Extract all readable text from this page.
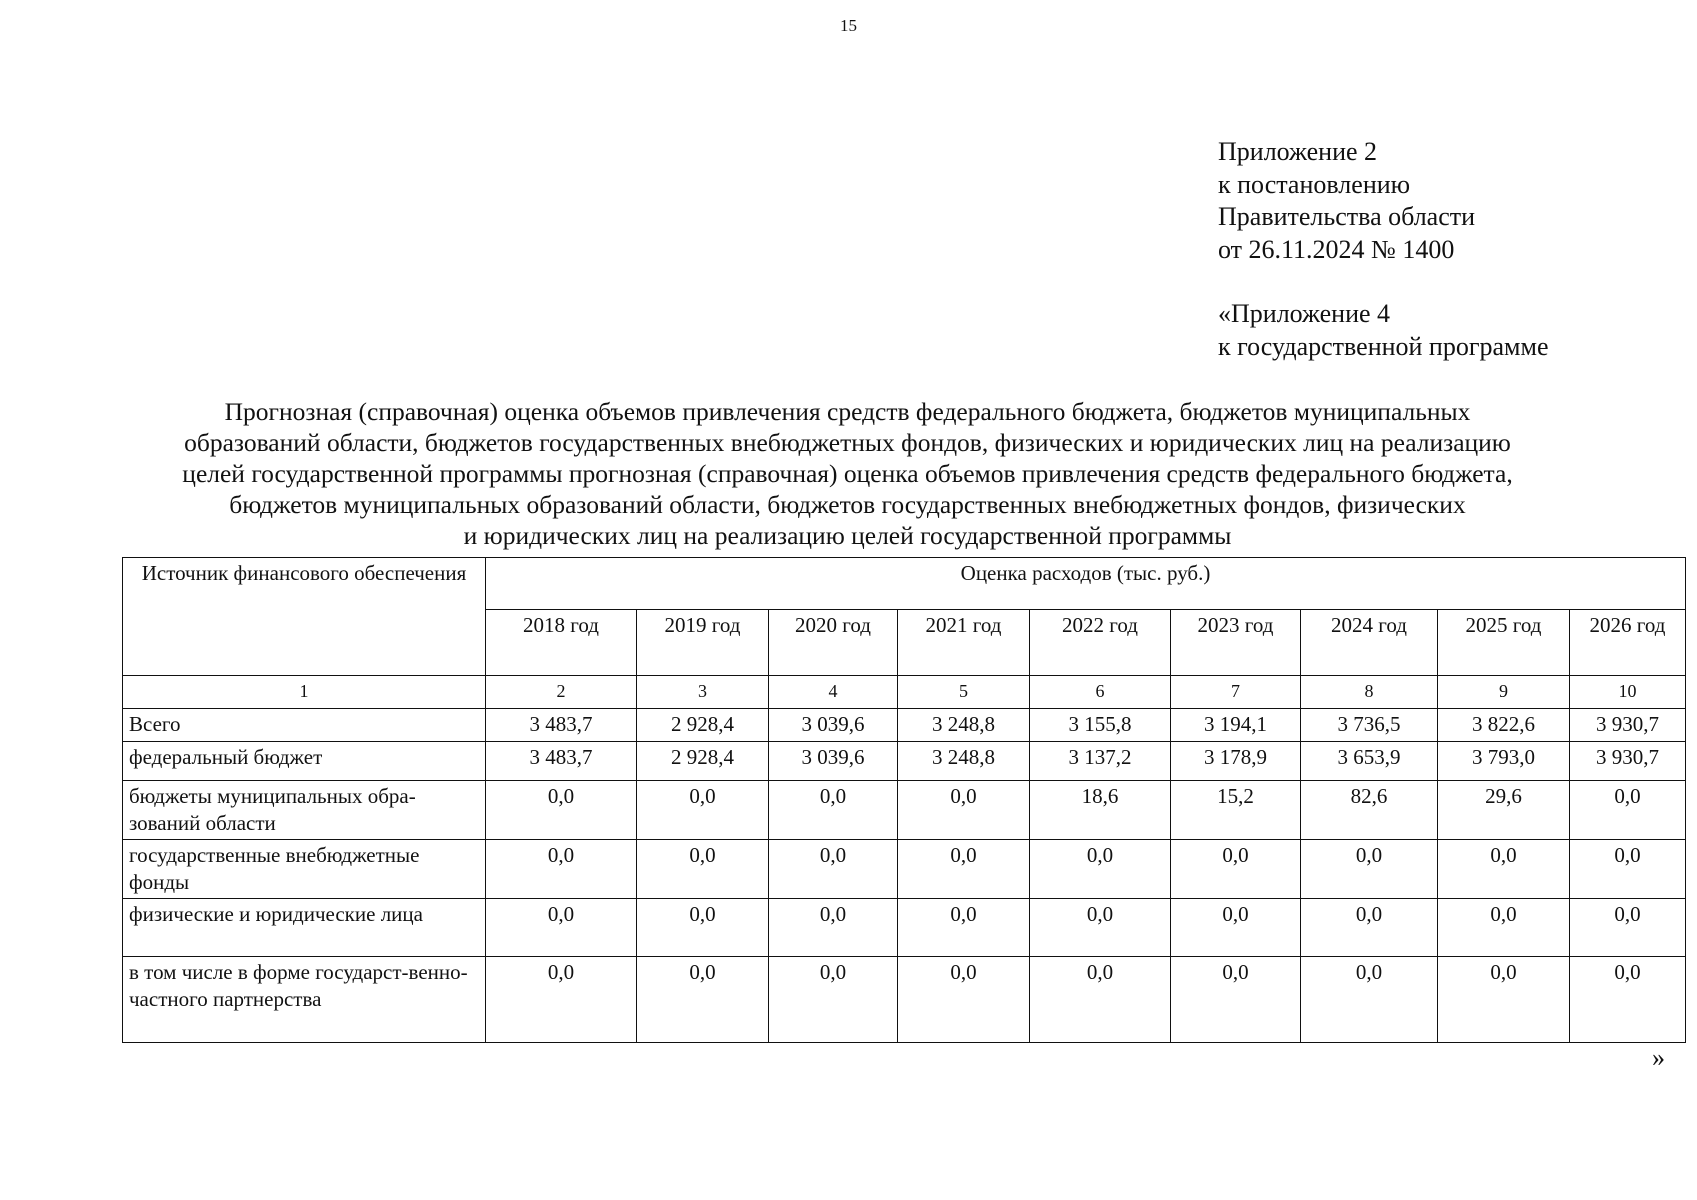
15
Приложение 2
к постановлению
Правительства области
от 26.11.2024 № 1400
«Приложение 4
к государственной программе
Прогнозная (справочная) оценка объемов привлечения средств федерального бюджета, бюджетов муниципальных
образований области, бюджетов государственных внебюджетных фондов, физических и юридических лиц на реализацию
целей государственной программы прогнозная (справочная) оценка объемов привлечения средств федерального бюджета,
бюджетов муниципальных образований области, бюджетов государственных внебюджетных фондов, физических
и юридических лиц на реализацию целей государственной программы
Источник финансового обеспечения	Оценка расходов (тыс. руб.)								
	2018 год	2019 год	2020 год	2021 год	2022 год	2023 год	2024 год	2025 год	2026 год
1	2	3	4	5	6	7	8	9	10
Всего	3 483,7	2 928,4	3 039,6	3 248,8	3 155,8	3 194,1	3 736,5	3 822,6	3 930,7
федеральный бюджет	3 483,7	2 928,4	3 039,6	3 248,8	3 137,2	3 178,9	3 653,9	3 793,0	3 930,7
бюджеты муниципальных обра-зований области	0,0	0,0	0,0	0,0	18,6	15,2	82,6	29,6	0,0
государственные внебюджетные фонды	0,0	0,0	0,0	0,0	0,0	0,0	0,0	0,0	0,0
физические и юридические лица	0,0	0,0	0,0	0,0	0,0	0,0	0,0	0,0	0,0
в том числе в форме государст-венно-частного партнерства	0,0	0,0	0,0	0,0	0,0	0,0	0,0	0,0	0,0
»
